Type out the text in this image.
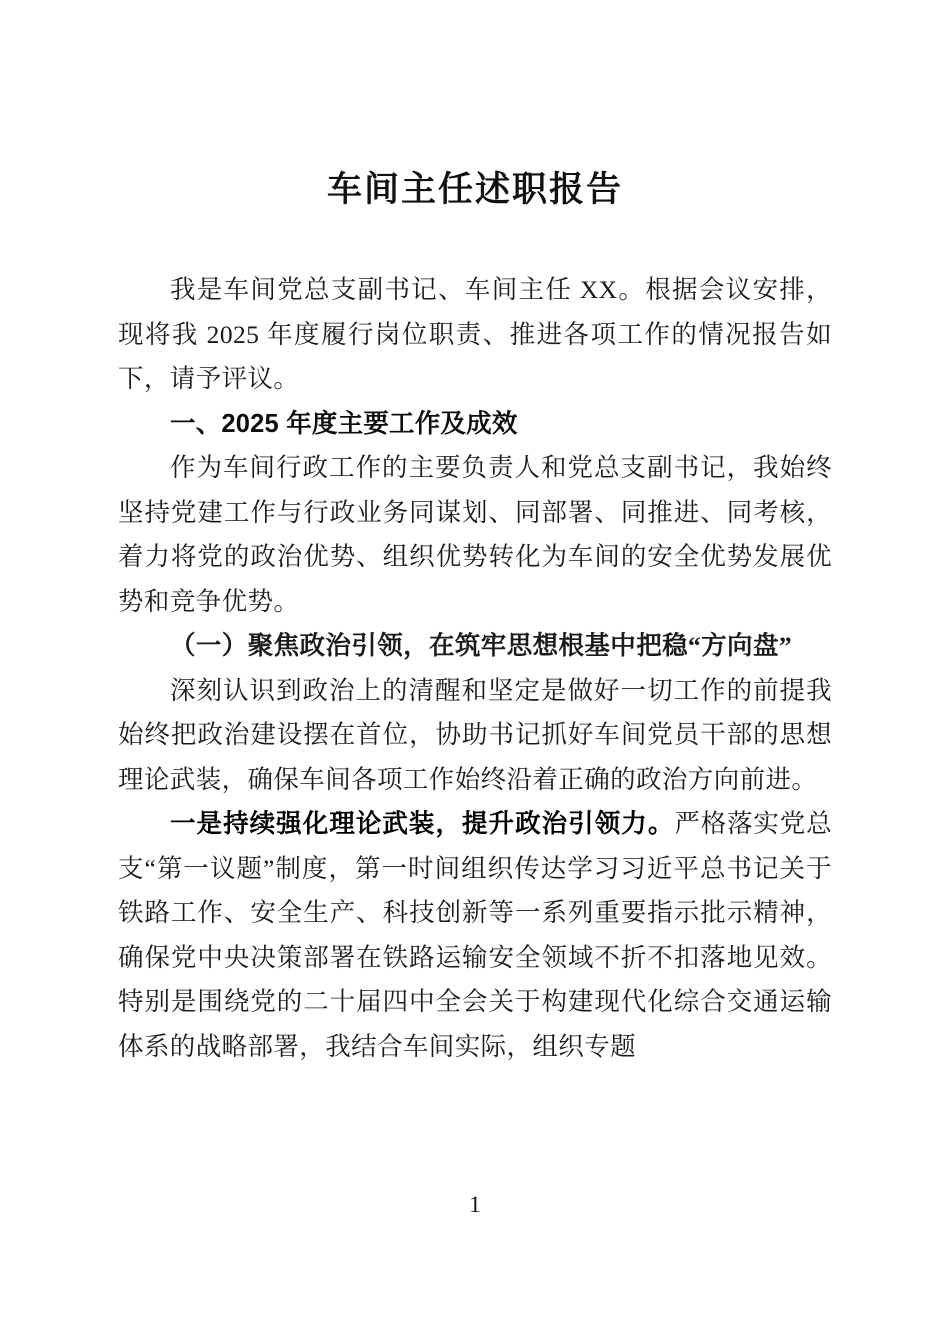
车间主任述职报告

我是车间党总支副书记、车间主任 XX。根据会议安排，现将我 2025 年度履行岗位职责、推进各项工作的情况报告如下，请予评议。

一、2025 年度主要工作及成效

作为车间行政工作的主要负责人和党总支副书记，我始终坚持党建工作与行政业务同谋划、同部署、同推进、同考核，着力将党的政治优势、组织优势转化为车间的安全优势发展优势和竞争优势。

（一）聚焦政治引领，在筑牢思想根基中把稳“方向盘”

深刻认识到政治上的清醒和坚定是做好一切工作的前提我始终把政治建设摆在首位，协助书记抓好车间党员干部的思想理论武装，确保车间各项工作始终沿着正确的政治方向前进。

一是持续强化理论武装，提升政治引领力。严格落实党总支“第一议题”制度，第一时间组织传达学习习近平总书记关于铁路工作、安全生产、科技创新等一系列重要指示批示精神，确保党中央决策部署在铁路运输安全领域不折不扣落地见效。特别是围绕党的二十届四中全会关于构建现代化综合交通运输体系的战略部署，我结合车间实际，组织专题

1
